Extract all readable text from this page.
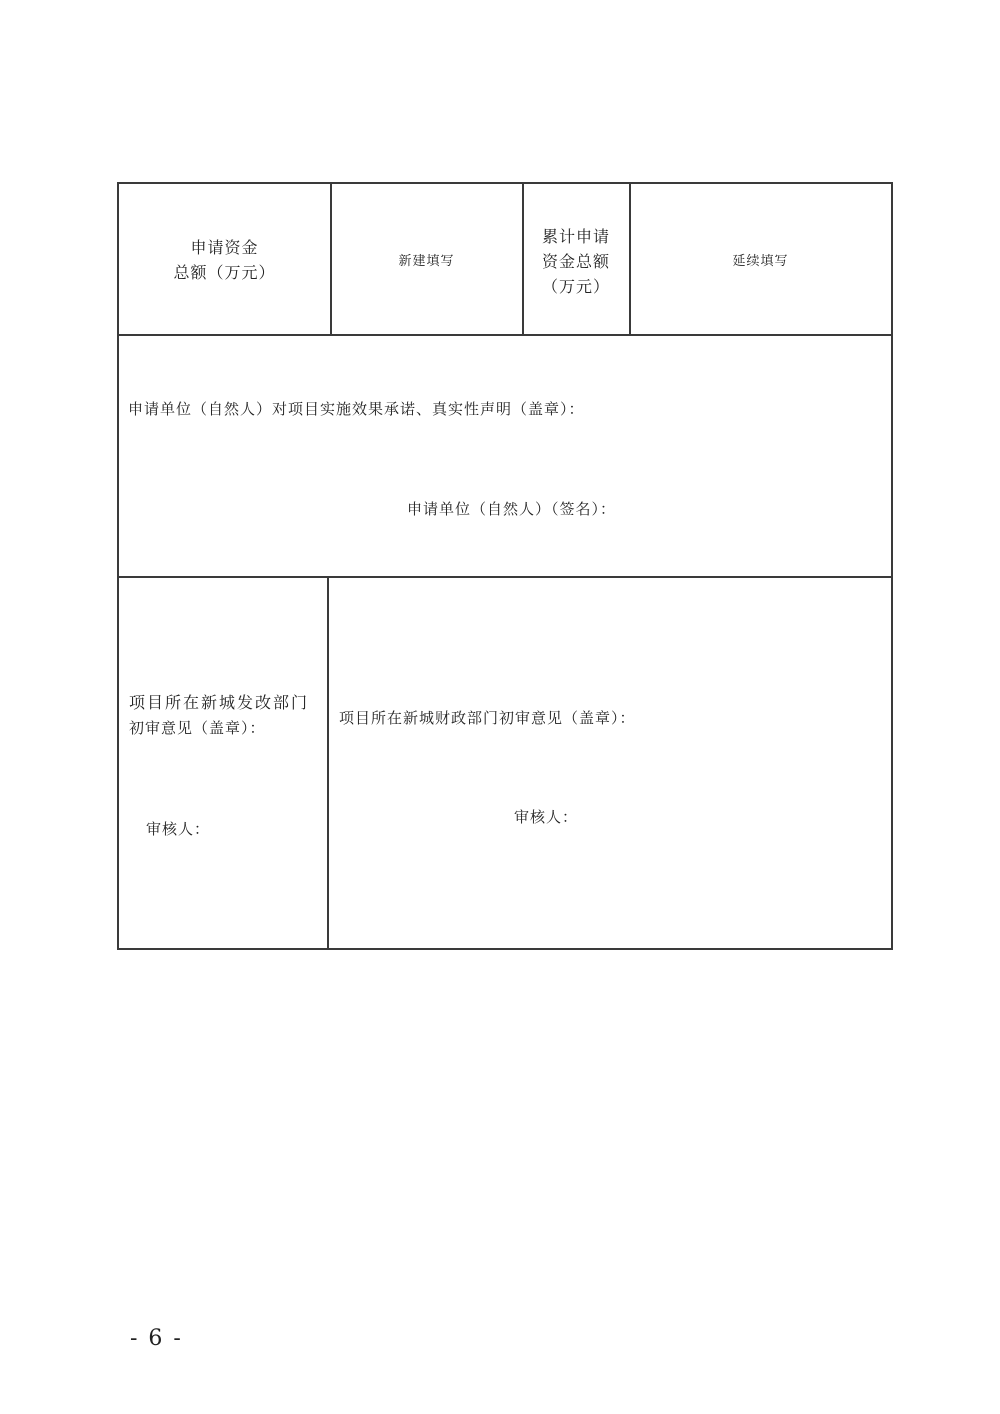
申请资金
总额（万元）
新建填写
累计申请
资金总额
（万元）
延续填写
申请单位（自然人）对项目实施效果承诺、真实性声明（盖章）：
申请单位（自然人）（签名）：
项目所在新城发改部门
初审意见（盖章）：
审核人：
项目所在新城财政部门初审意见（盖章）：
审核人：
- 6 -
